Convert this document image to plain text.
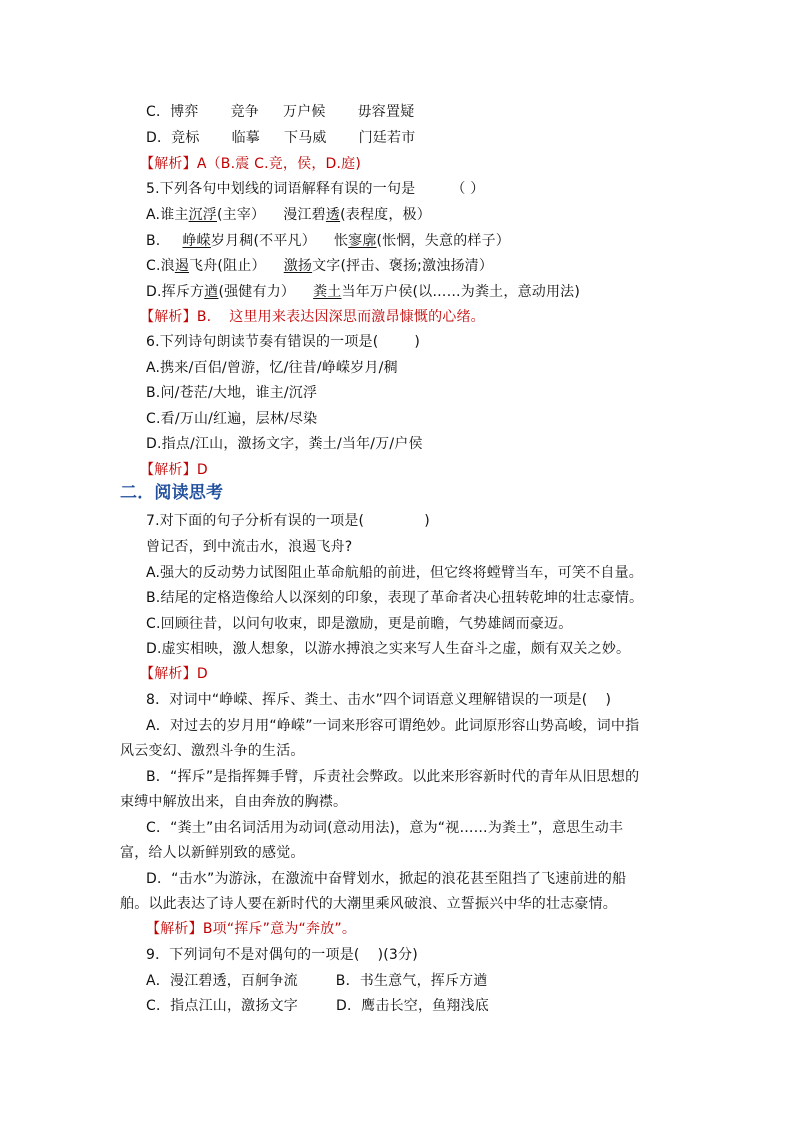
C．博弈 竞争 万户候 毋容置疑
D．竞标 临摹 下马威 门廷若市
【解析】A（B.震 C.竞，侯，D.庭)
5.下列各句中划线的词语解释有误的一句是	（ ）
A.谁主沉浮(主宰） 漫江碧透(表程度，极）
B. 峥嵘岁月稠(不平凡） 怅寥廓(怅惘，失意的样子）
C.浪遏飞舟(阻止） 激扬文字(抨击、褒扬;激浊扬清）
D.挥斥方遒(强健有力） 粪土当年万户侯(以……为粪土，意动用法)
【解析】B. 这里用来表达因深思而激昂慷慨的心绪。
6.下列诗句朗读节奏有错误的一项是(	)
A.携来/百侣/曾游，忆/往昔/峥嵘岁月/稠
B.问/苍茫/大地，谁主/沉浮
C.看/万山/红遍，层林/尽染
D.指点/江山，激扬文字，粪土/当年/万/户侯
【解析】D
二．阅读思考
7.对下面的句子分析有误的一项是(	)
曾记否，到中流击水，浪遏飞舟?
A.强大的反动势力试图阻止革命航船的前进，但它终将螳臂当车，可笑不自量。
B.结尾的定格造像给人以深刻的印象，表现了革命者决心扭转乾坤的壮志豪情。
C.回顾往昔，以问句收束，即是激励，更是前瞻，气势雄阔而豪迈。
D.虚实相映，激人想象，以游水搏浪之实来写人生奋斗之虚，颇有双关之妙。
【解析】D
8．对词中“峥嵘、挥斥、粪土、击水”四个词语意义理解错误的一项是( )
A．对过去的岁月用“峥嵘”一词来形容可谓绝妙。此词原形容山势高峻，词中指
风云变幻、激烈斗争的生活。
B．“挥斥”是指挥舞手臂，斥责社会弊政。以此来形容新时代的青年从旧思想的
束缚中解放出来，自由奔放的胸襟。
C．“粪土”由名词活用为动词(意动用法)，意为“视……为粪土”，意思生动丰
富，给人以新鲜别致的感觉。
D．“击水”为游泳，在激流中奋臂划水，掀起的浪花甚至阻挡了飞速前进的船
舶。以此表达了诗人要在新时代的大潮里乘风破浪、立誓振兴中华的壮志豪情。
【解析】B项“挥斥”意为“奔放”。
9．下列词句不是对偶句的一项是( )(3分)
A．漫江碧透，百舸争流	B．书生意气，挥斥方遒
C．指点江山，激扬文字	D．鹰击长空，鱼翔浅底
